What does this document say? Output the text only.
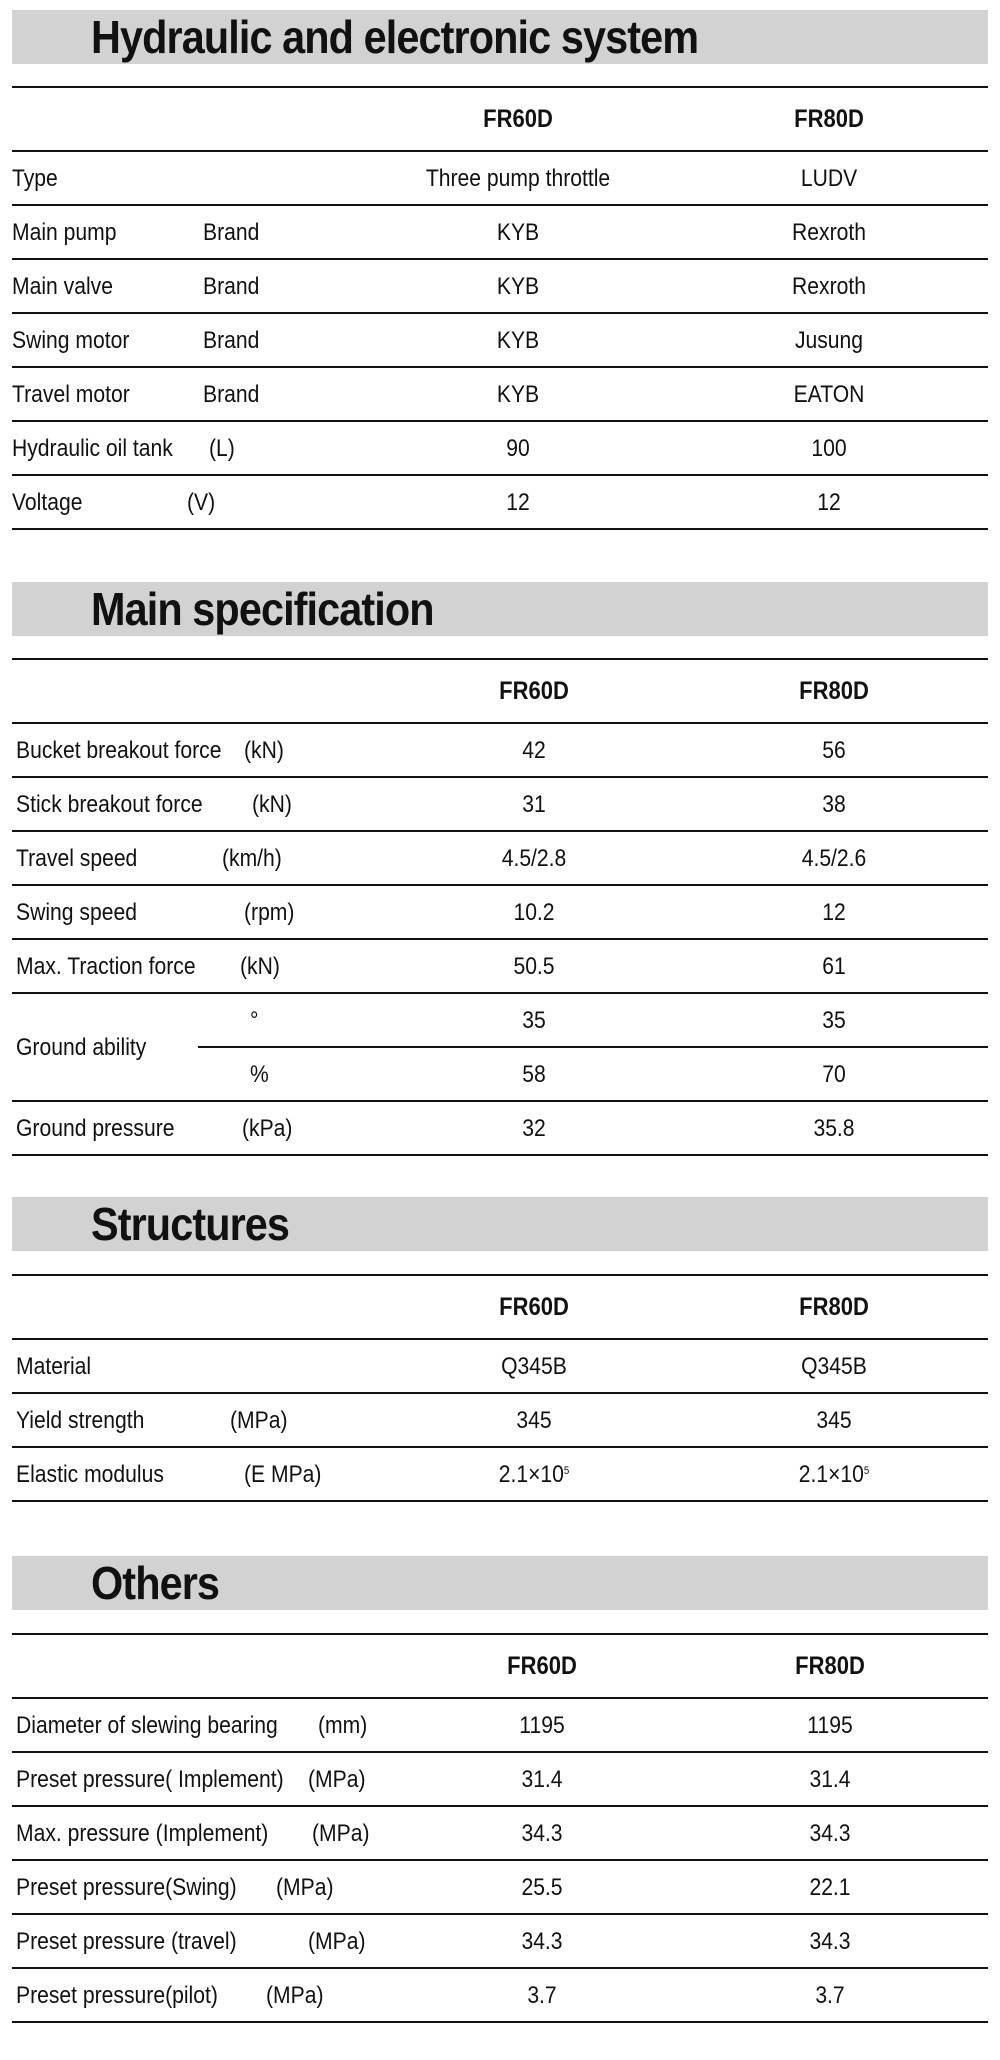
Hydraulic and electronic system
FR60D	FR80D
Type	Three pump throttle	LUDV
Main pump	Brand	KYB	Rexroth
Main valve	Brand	KYB	Rexroth
Swing motor	Brand	KYB	Jusung
Travel motor	Brand	KYB	EATON
Hydraulic oil tank (L)	90	100
Voltage	(V)	12	12
Main specification
FR60D	FR80D
Bucket breakout force (kN)	42	56
Stick breakout force (kN)	31	38
Travel speed	(km/h)	4.5/2.8	4.5/2.6
Swing speed	(rpm)	10.2	12
Max. Traction force (kN)	50.5	61
Ground ability
°	35	35
%	58	70
Ground pressure	(kPa)	32	35.8
Structures
FR60D	FR80D
Material	Q345B	Q345B
Yield strength	(MPa)	345	345
Elastic modulus	(E MPa)	$2.1\times 10^5$	$2.1\times 10^5$
Others
FR60D	FR80D
Diameter of slewing bearing (mm)	1195	1195
Preset pressure( Implement) (MPa)	31.4	31.4
Max. pressure (Implement) (MPa)	34.3	34.3
Preset pressure(Swing) (MPa)	25.5	22.1
Preset pressure (travel)	(MPa)	34.3	34.3
Preset pressure(pilot) (MPa)	3.7	3.7
